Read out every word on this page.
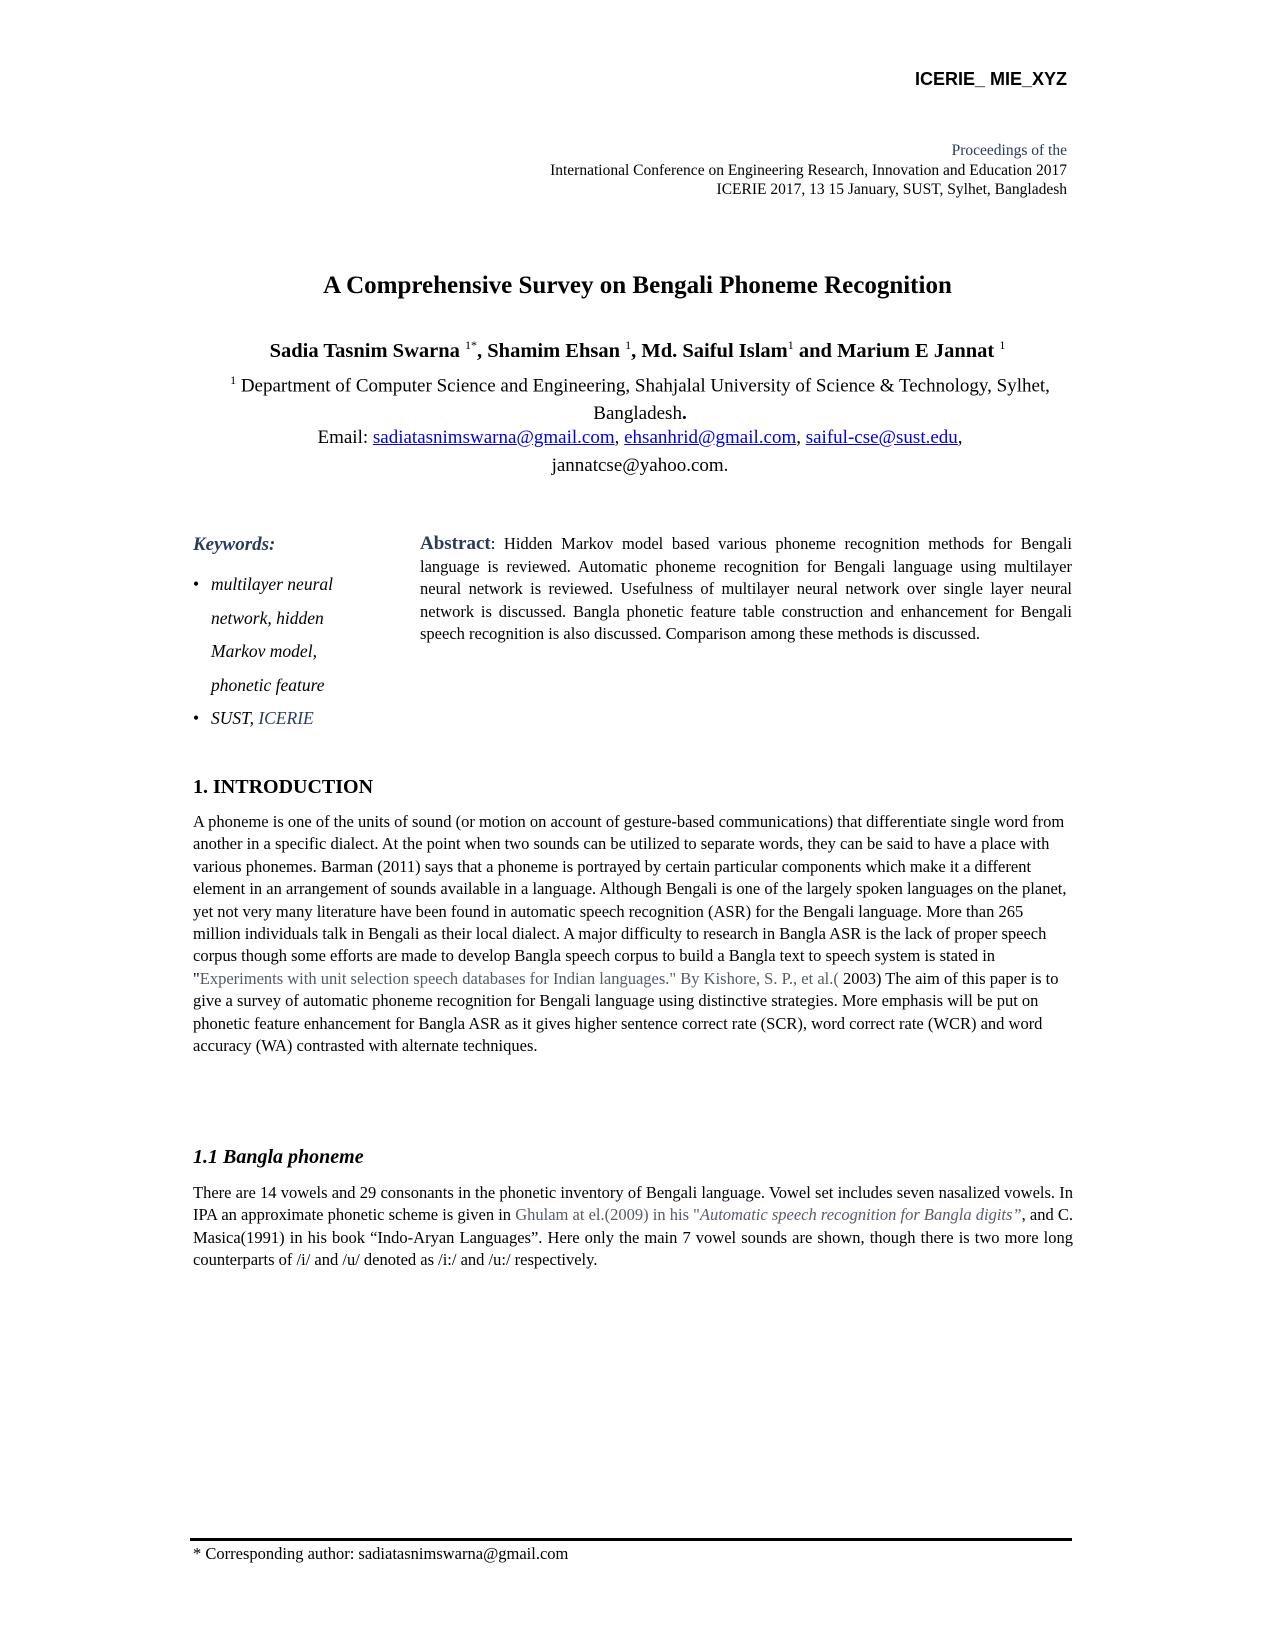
ICERIE_ MIE_XYZ
Proceedings of the
International Conference on Engineering Research, Innovation and Education 2017
ICERIE 2017, 13 15 January, SUST, Sylhet, Bangladesh
A Comprehensive Survey on Bengali Phoneme Recognition
Sadia Tasnim Swarna $^{1*}$, Shamim Ehsan $^1$, Md. Saiful Islam$^1$ and Marium E Jannat $^1$
$^1$ Department of Computer Science and Engineering, Shahjalal University of Science & Technology, Sylhet, Bangladesh.
Email: sadiatasnimswarna@gmail.com, ehsanhrid@gmail.com, saiful-cse@sust.edu,
jannatcse@yahoo.com.
Keywords:
• multilayer neural network, hidden Markov model, phonetic feature
• SUST, ICERIE
Abstract: Hidden Markov model based various phoneme recognition methods for Bengali language is reviewed. Automatic phoneme recognition for Bengali language using multilayer neural network is reviewed. Usefulness of multilayer neural network over single layer neural network is discussed. Bangla phonetic feature table construction and enhancement for Bengali speech recognition is also discussed. Comparison among these methods is discussed.
1. INTRODUCTION
A phoneme is one of the units of sound (or motion on account of gesture-based communications) that differentiate single word from another in a specific dialect. At the point when two sounds can be utilized to separate words, they can be said to have a place with various phonemes. Barman (2011) says that a phoneme is portrayed by certain particular components which make it a different element in an arrangement of sounds available in a language. Although Bengali is one of the largely spoken languages on the planet, yet not very many literature have been found in automatic speech recognition (ASR) for the Bengali language. More than 265 million individuals talk in Bengali as their local dialect. A major difficulty to research in Bangla ASR is the lack of proper speech corpus though some efforts are made to develop Bangla speech corpus to build a Bangla text to speech system is stated in "Experiments with unit selection speech databases for Indian languages." By Kishore, S. P., et al.( 2003) The aim of this paper is to give a survey of automatic phoneme recognition for Bengali language using distinctive strategies. More emphasis will be put on phonetic feature enhancement for Bangla ASR as it gives higher sentence correct rate (SCR), word correct rate (WCR) and word accuracy (WA) contrasted with alternate techniques.
1.1 Bangla phoneme
There are 14 vowels and 29 consonants in the phonetic inventory of Bengali language. Vowel set includes seven nasalized vowels. In IPA an approximate phonetic scheme is given in Ghulam at el.(2009) in his "Automatic speech recognition for Bangla digits”, and C. Masica(1991) in his book “Indo-Aryan Languages”. Here only the main 7 vowel sounds are shown, though there is two more long counterparts of /i/ and /u/ denoted as /i:/ and /u:/ respectively.
* Corresponding author: sadiatasnimswarna@gmail.com
